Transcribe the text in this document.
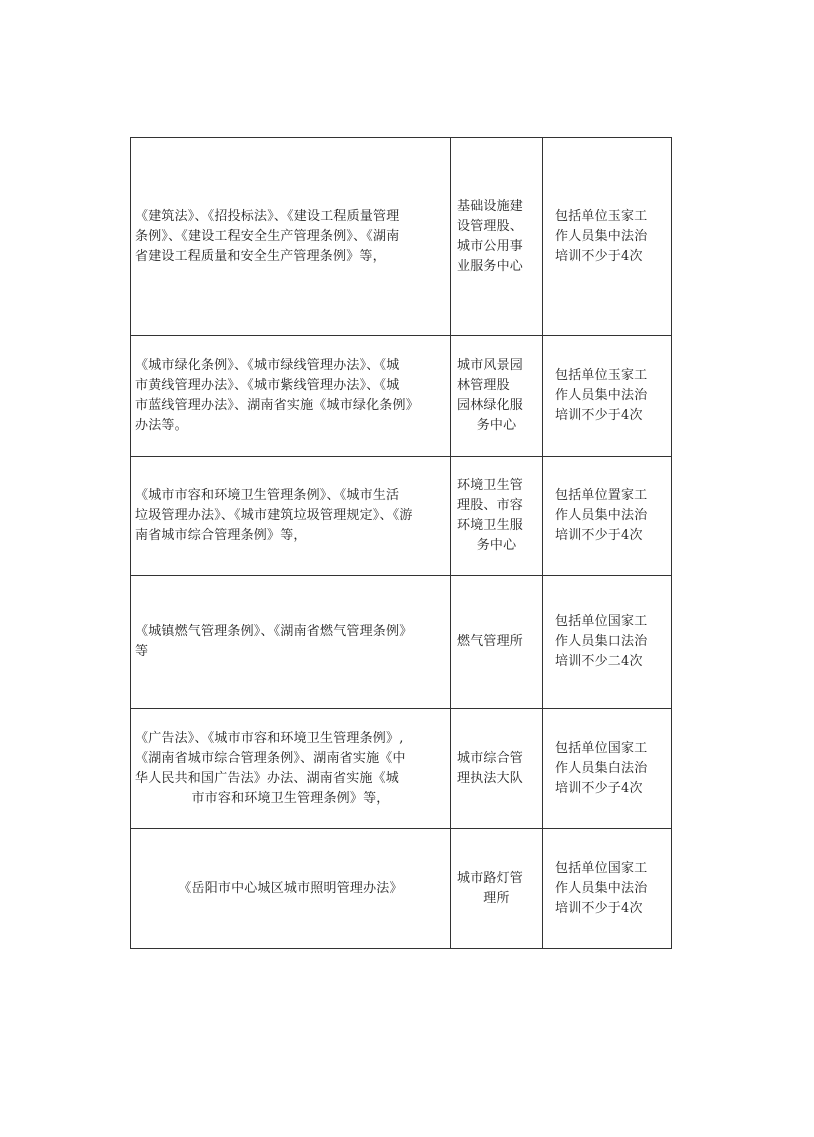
《建筑法》、《招投标法》、《建设工程质量管理
条例》、《建设工程安全生产管理条例》、《湖南
省建设工程质量和安全生产管理条例》等，	基础设施建
设管理股、
城市公用事
业服务中心	包括单位玉家工
作人员集中法治
培训不少于4次

《城市绿化条例》、《城市绿线管理办法》、《城
市黄线管理办法》、《城市紫线管理办法》、《城
市蓝线管理办法》、湖南省实施《城市绿化条例》
办法等。	城市风景园
林管理股
园林绿化服
务中心	包括单位玉家工
作人员集中法治
培训不少于4次

《城市市容和环境卫生管理条例》、《城市生活
垃圾管理办法》、《城市建筑垃圾管理规定》、《游
南省城市综合管理条例》等，	环境卫生管
理股、市容
环境卫生服
务中心	包括单位置家工
作人员集中法治
培训不少于4次

《城镇燃气管理条例》、《湖南省燃气管理条例》
等	燃气管理所	包括单位国家工
作人员集口法治
培训不少二4次

《广告法》、《城市市容和环境卫生管理条例》,
《湖南省城市综合管理条例》、湖南省实施《中
华人民共和国广告法》办法、湖南省实施《城
市市容和环境卫生管理条例》等，	城市综合管
理执法大队	包括单位国家工
作人员集白法治
培训不少子4次

《岳阳市中心城区城市照明管理办法》	城市路灯管
理所	包括单位国家工
作人员集中法治
培训不少于4次
